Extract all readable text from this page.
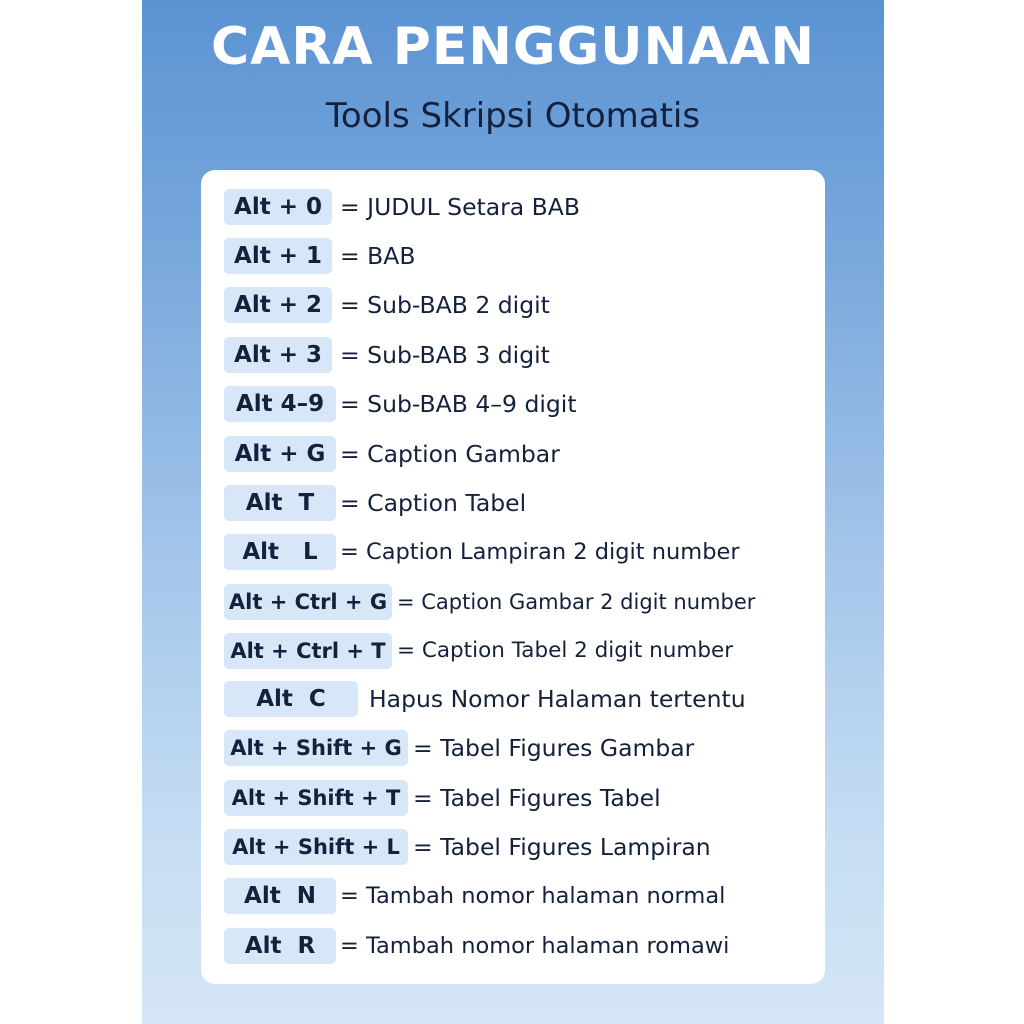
CARA PENGGUNAAN
Tools Skripsi Otomatis
Alt + 0 = JUDUL Setara BAB
Alt + 1 = BAB
Alt + 2 = Sub-BAB 2 digit
Alt + 3 = Sub-BAB 3 digit
Alt 4–9 = Sub-BAB 4–9 digit
Alt + G = Caption Gambar
Alt  T	= Caption Tabel
Alt   L = Caption Lampiran 2 digit number
Alt + Ctrl + G = Caption Gambar 2 digit number
Alt + Ctrl + T = Caption Tabel 2 digit number
Alt  C	Hapus Nomor Halaman tertentu
Alt + Shift + G = Tabel Figures Gambar
Alt + Shift + T = Tabel Figures Tabel
Alt + Shift + L = Tabel Figures Lampiran
Alt  N	= Tambah nomor halaman normal
Alt  R	= Tambah nomor halaman romawi
